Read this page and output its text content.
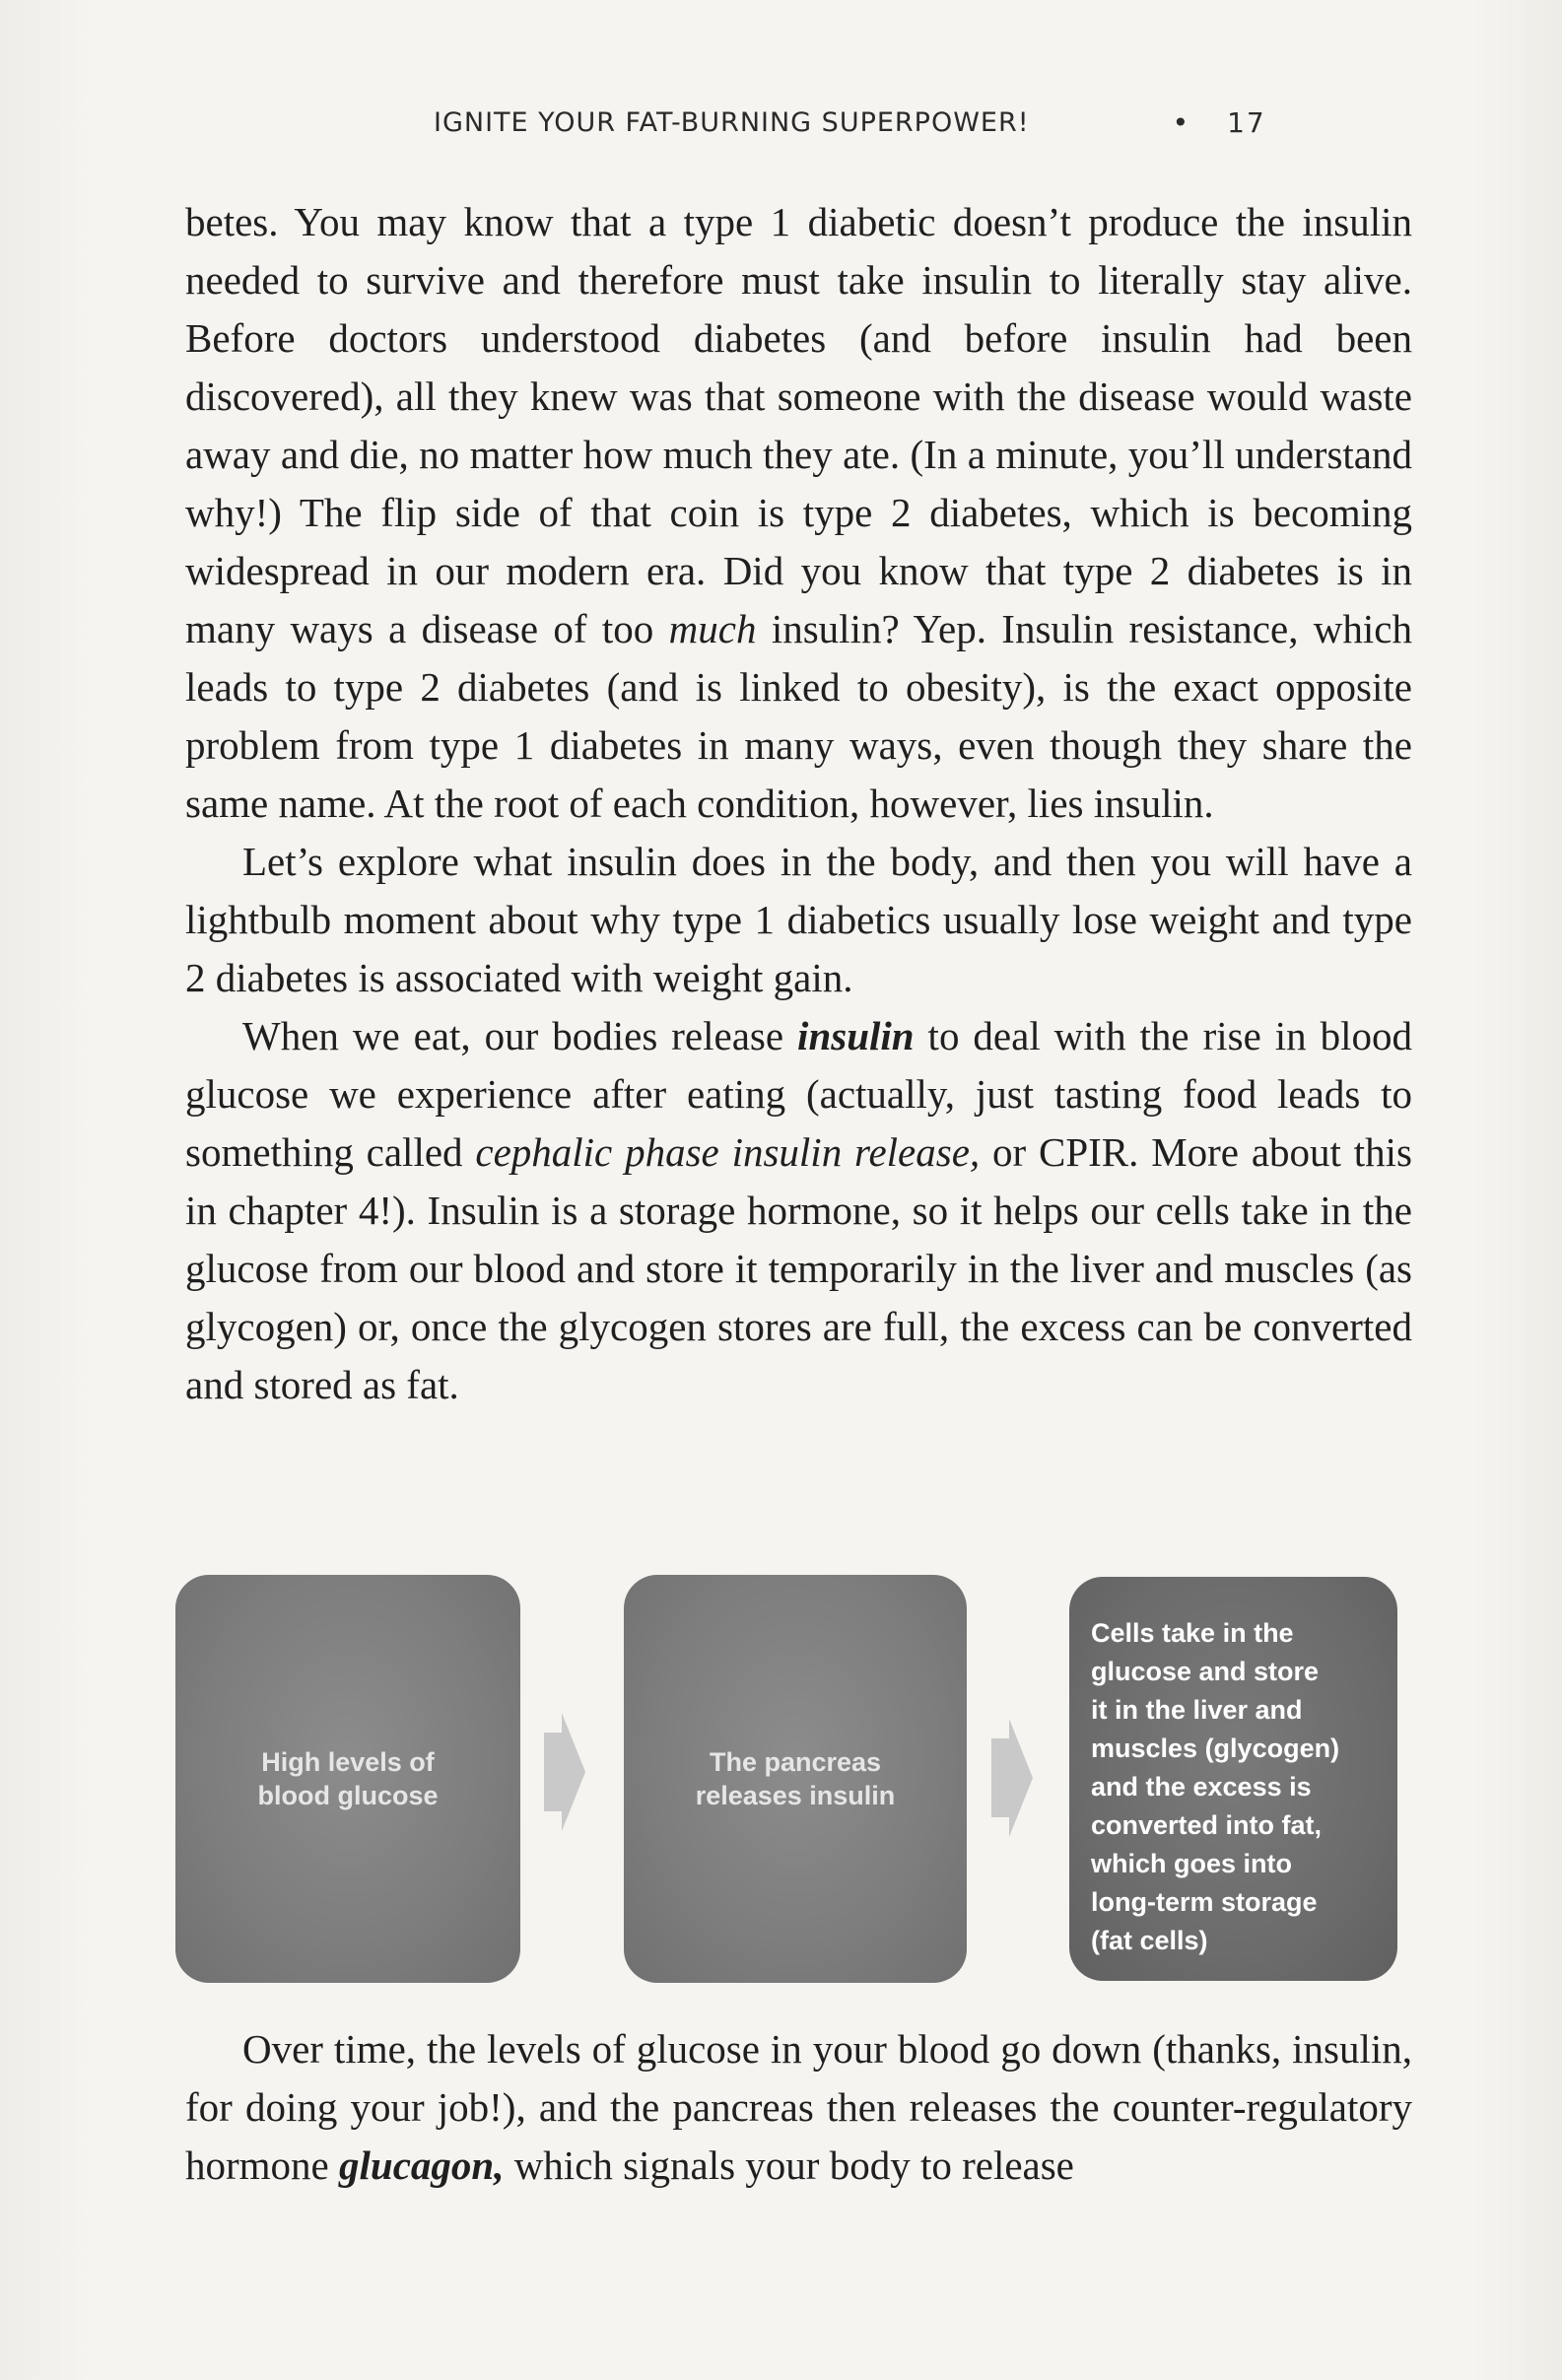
IGNITE YOUR FAT-BURNING SUPERPOWER!	• 17

betes. You may know that a type 1 diabetic doesn’t produce the insulin needed to survive and therefore must take insulin to literally stay alive. Before doctors understood diabetes (and before insulin had been discovered), all they knew was that someone with the disease would waste away and die, no matter how much they ate. (In a minute, you’ll understand why!) The flip side of that coin is type 2 diabetes, which is becoming widespread in our modern era. Did you know that type 2 diabetes is in many ways a disease of too much insulin? Yep. Insulin resistance, which leads to type 2 diabetes (and is linked to obesity), is the exact opposite problem from type 1 diabetes in many ways, even though they share the same name. At the root of each condition, however, lies insulin.

Let’s explore what insulin does in the body, and then you will have a lightbulb moment about why type 1 diabetics usually lose weight and type 2 diabetes is associated with weight gain.

When we eat, our bodies release insulin to deal with the rise in blood glucose we experience after eating (actually, just tasting food leads to something called cephalic phase insulin release, or CPIR. More about this in chapter 4!). Insulin is a storage hormone, so it helps our cells take in the glucose from our blood and store it temporarily in the liver and muscles (as glycogen) or, once the glycogen stores are full, the excess can be converted and stored as fat.

High levels of blood glucose
The pancreas releases insulin
Cells take in the
glucose and store
it in the liver and
muscles (glycogen)
and the excess is
converted into fat,
which goes into
long-term storage
(fat cells)

Over time, the levels of glucose in your blood go down (thanks, insulin, for doing your job!), and the pancreas then releases the counter-regulatory hormone glucagon, which signals your body to release
